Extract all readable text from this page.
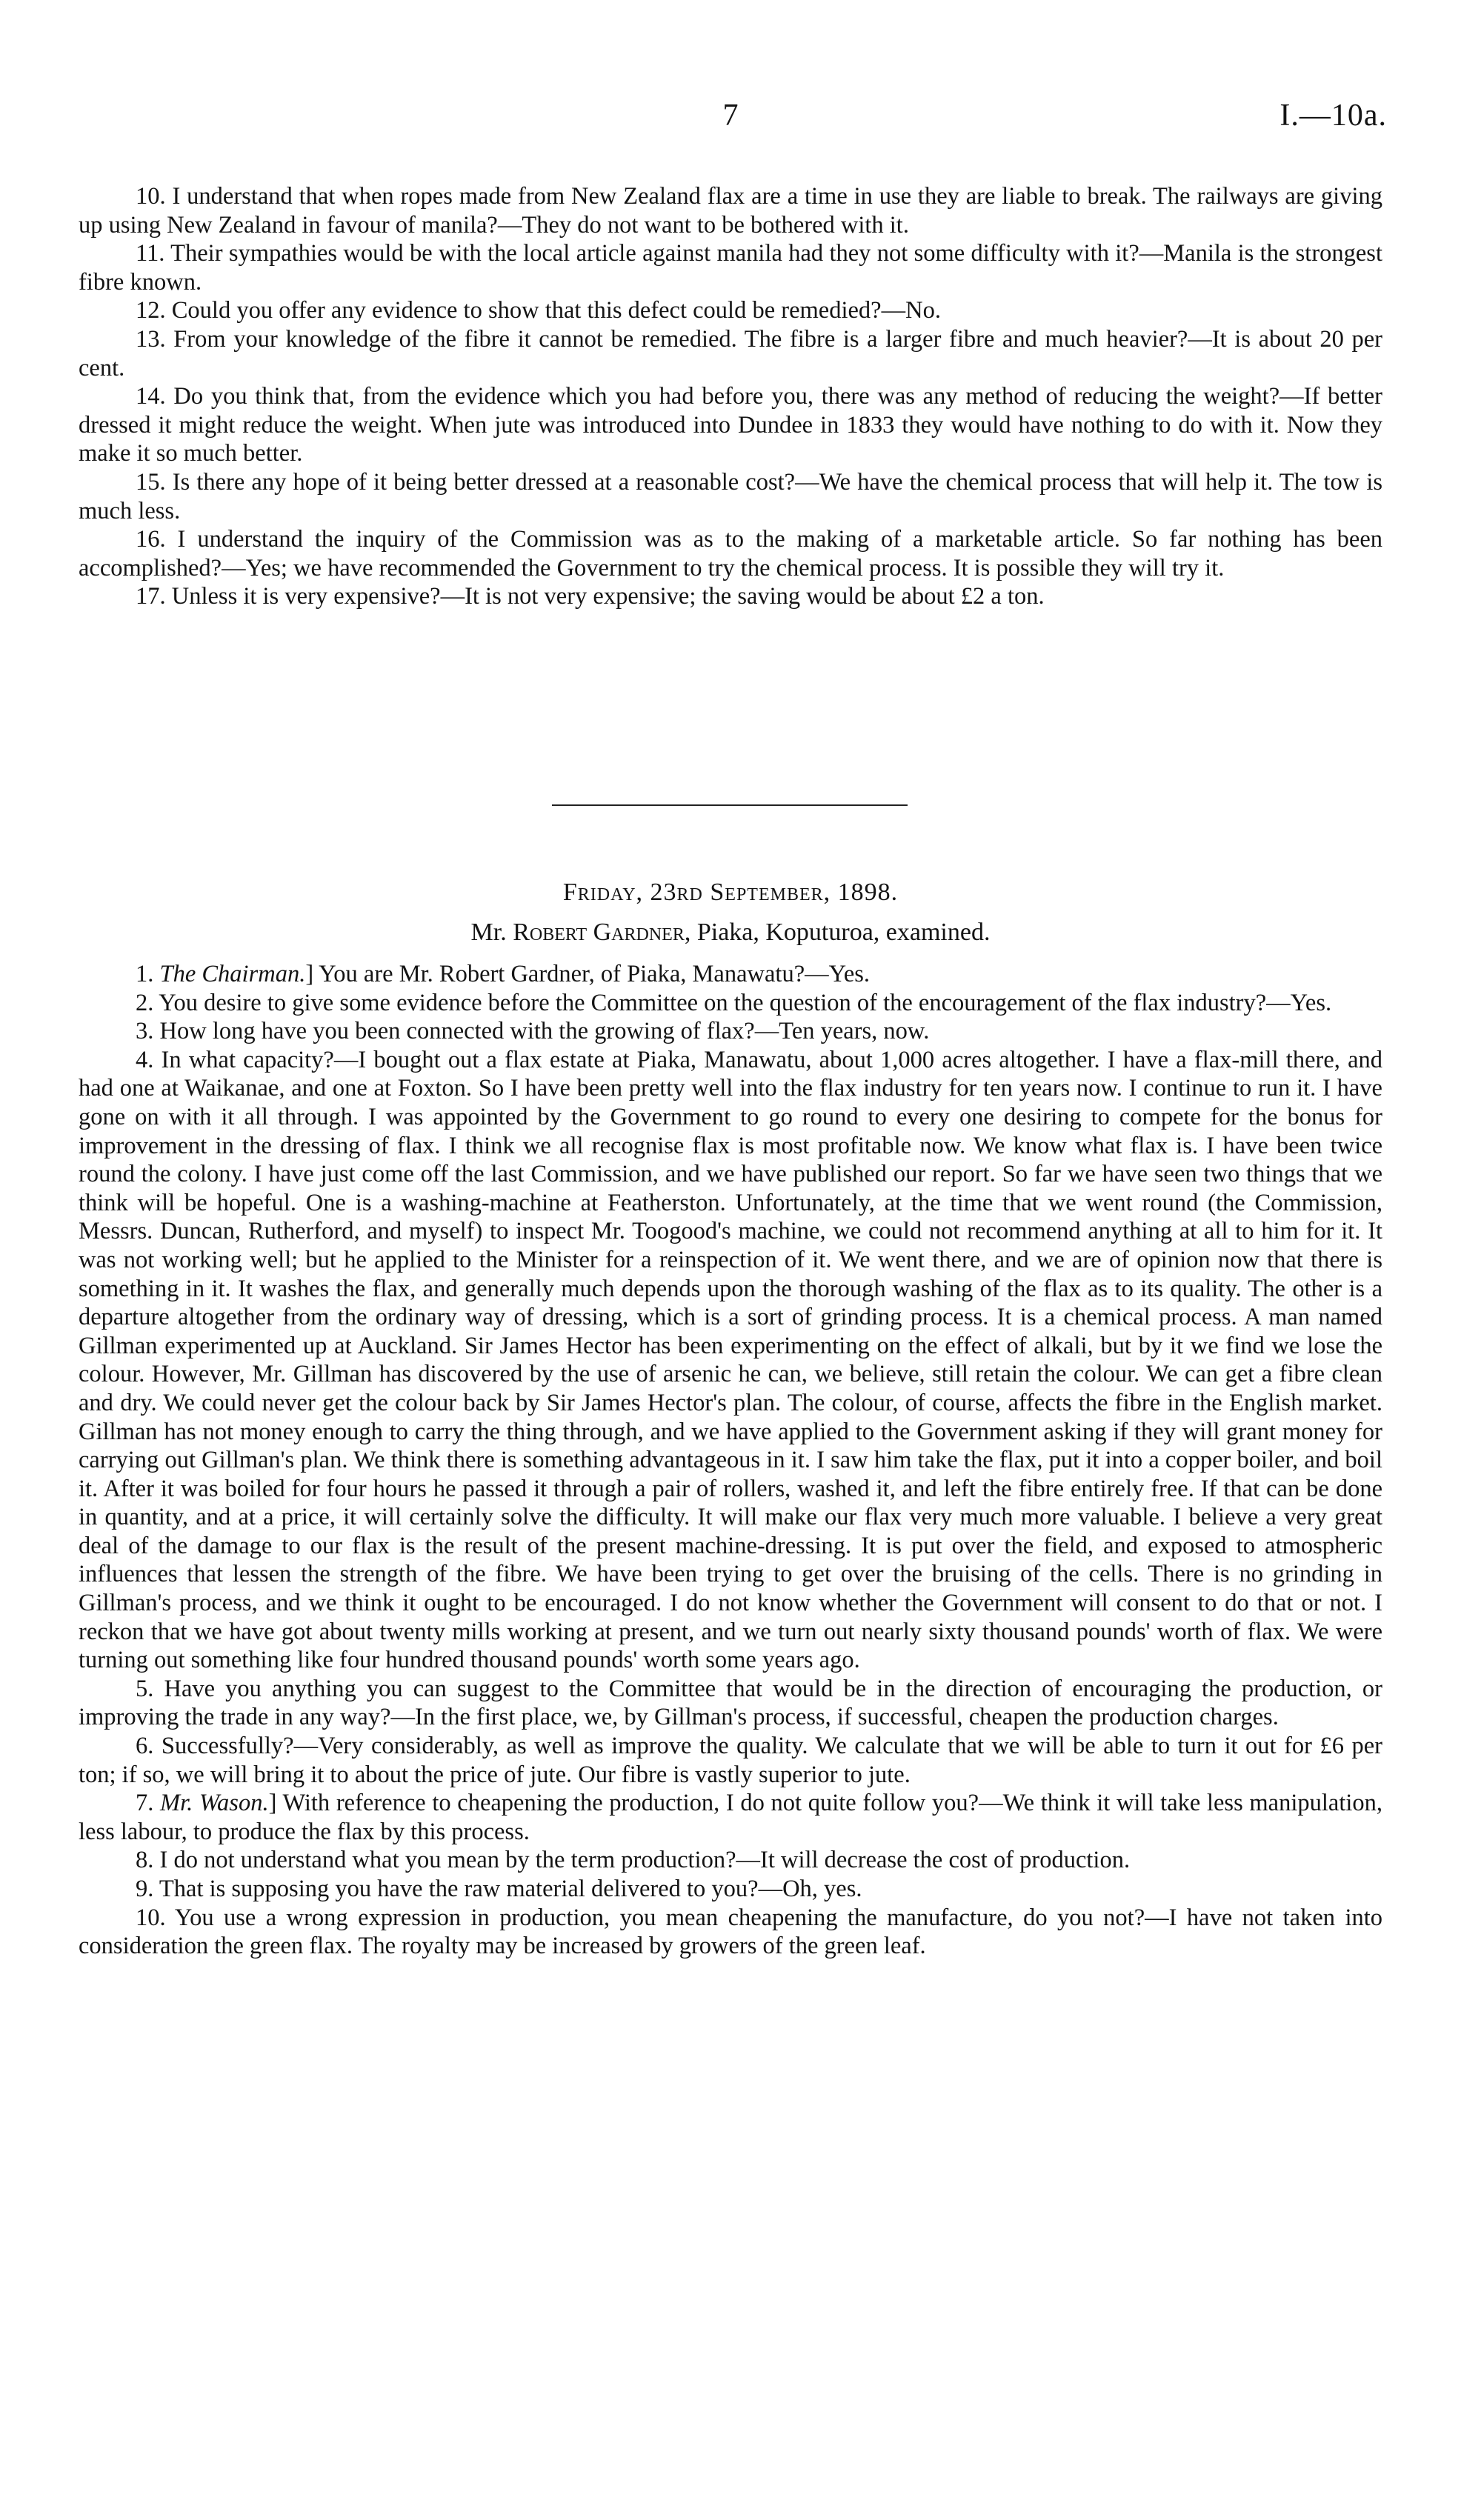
7	I.—10a.

10. I understand that when ropes made from New Zealand flax are a time in use they are liable to break. The railways are giving up using New Zealand in favour of manila?—They do not want to be bothered with it.

11. Their sympathies would be with the local article against manila had they not some difficulty with it?—Manila is the strongest fibre known.

12. Could you offer any evidence to show that this defect could be remedied?—No.

13. From your knowledge of the fibre it cannot be remedied. The fibre is a larger fibre and much heavier?—It is about 20 per cent.

14. Do you think that, from the evidence which you had before you, there was any method of reducing the weight?—If better dressed it might reduce the weight. When jute was introduced into Dundee in 1833 they would have nothing to do with it. Now they make it so much better.

15. Is there any hope of it being better dressed at a reasonable cost?—We have the chemical process that will help it. The tow is much less.

16. I understand the inquiry of the Commission was as to the making of a marketable article. So far nothing has been accomplished?—Yes; we have recommended the Government to try the chemical process. It is possible they will try it.

17. Unless it is very expensive?—It is not very expensive; the saving would be about £2 a ton.

Friday, 23rd September, 1898.
Mr. Robert Gardner, Piaka, Koputuroa, examined.

1. The Chairman.] You are Mr. Robert Gardner, of Piaka, Manawatu?—Yes.

2. You desire to give some evidence before the Committee on the question of the encouragement of the flax industry?—Yes.

3. How long have you been connected with the growing of flax?—Ten years, now.

4. In what capacity?—I bought out a flax estate at Piaka, Manawatu, about 1,000 acres altogether. I have a flax-mill there, and had one at Waikanae, and one at Foxton. So I have been pretty well into the flax industry for ten years now. I continue to run it. I have gone on with it all through. I was appointed by the Government to go round to every one desiring to compete for the bonus for improvement in the dressing of flax. I think we all recognise flax is most profitable now. We know what flax is. I have been twice round the colony. I have just come off the last Commission, and we have published our report. So far we have seen two things that we think will be hopeful. One is a washing-machine at Featherston. Unfortunately, at the time that we went round (the Commission, Messrs. Duncan, Rutherford, and myself) to inspect Mr. Toogood's machine, we could not recommend anything at all to him for it. It was not working well; but he applied to the Minister for a reinspection of it. We went there, and we are of opinion now that there is something in it. It washes the flax, and generally much depends upon the thorough washing of the flax as to its quality. The other is a departure altogether from the ordinary way of dressing, which is a sort of grinding process. It is a chemical process. A man named Gillman experimented up at Auckland. Sir James Hector has been experimenting on the effect of alkali, but by it we find we lose the colour. However, Mr. Gillman has discovered by the use of arsenic he can, we believe, still retain the colour. We can get a fibre clean and dry. We could never get the colour back by Sir James Hector's plan. The colour, of course, affects the fibre in the English market. Gillman has not money enough to carry the thing through, and we have applied to the Government asking if they will grant money for carrying out Gillman's plan. We think there is something advantageous in it. I saw him take the flax, put it into a copper boiler, and boil it. After it was boiled for four hours he passed it through a pair of rollers, washed it, and left the fibre entirely free. If that can be done in quantity, and at a price, it will certainly solve the difficulty. It will make our flax very much more valuable. I believe a very great deal of the damage to our flax is the result of the present machine-dressing. It is put over the field, and exposed to atmospheric influences that lessen the strength of the fibre. We have been trying to get over the bruising of the cells. There is no grinding in Gillman's process, and we think it ought to be encouraged. I do not know whether the Government will consent to do that or not. I reckon that we have got about twenty mills working at present, and we turn out nearly sixty thousand pounds' worth of flax. We were turning out something like four hundred thousand pounds' worth some years ago.

5. Have you anything you can suggest to the Committee that would be in the direction of encouraging the production, or improving the trade in any way?—In the first place, we, by Gillman's process, if successful, cheapen the production charges.

6. Successfully?—Very considerably, as well as improve the quality. We calculate that we will be able to turn it out for £6 per ton; if so, we will bring it to about the price of jute. Our fibre is vastly superior to jute.

7. Mr. Wason.] With reference to cheapening the production, I do not quite follow you?—We think it will take less manipulation, less labour, to produce the flax by this process.

8. I do not understand what you mean by the term production?—It will decrease the cost of production.

9. That is supposing you have the raw material delivered to you?—Oh, yes.

10. You use a wrong expression in production, you mean cheapening the manufacture, do you not?—I have not taken into consideration the green flax. The royalty may be increased by growers of the green leaf.
